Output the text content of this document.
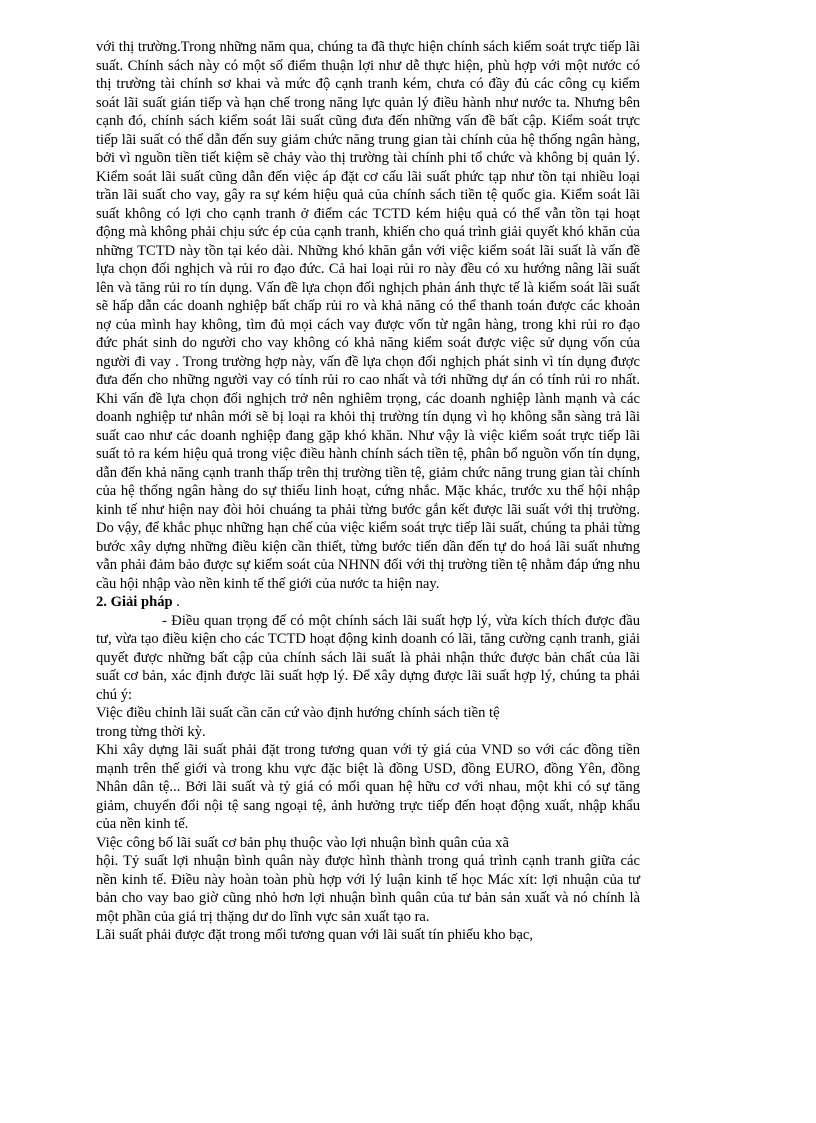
với thị trường.Trong những năm qua, chúng ta đã thực hiện chính sách kiểm soát trực tiếp lãi suất. Chính sách này có một số điểm thuận lợi như dễ thực hiện, phù hợp với một nước có thị trường tài chính sơ khai và mức độ cạnh tranh kém, chưa có đầy đủ các công cụ kiểm soát lãi suất gián tiếp và hạn chế trong năng lực quản lý điều hành như nước ta. Nhưng bên cạnh đó, chính sách kiểm soát lãi suất cũng đưa đến những vấn đề bất cập. Kiểm soát trực tiếp lãi suất có thể dẫn đến suy giảm chức năng trung gian tài chính của hệ thống ngân hàng, bởi vì nguồn tiền tiết kiệm sẽ chảy vào thị trường tài chính phi tổ chức và không bị quản lý. Kiểm soát lãi suất cũng dẫn đến việc áp đặt cơ cấu lãi suất phức tạp như tồn tại nhiều loại trần lãi suất cho vay, gây ra sự kém hiệu quả của chính sách tiền tệ quốc gia. Kiểm soát lãi suất không có lợi cho cạnh tranh ở điểm các TCTD kém hiệu quả có thể vẫn tồn tại hoạt động mà không phải chịu sức ép của cạnh tranh, khiến cho quá trình giải quyết khó khăn của những TCTD này tồn tại kéo dài. Những khó khăn gắn với việc kiểm soát lãi suất là vấn đề lựa chọn đối nghịch và rủi ro đạo đức. Cả hai loại rủi ro này đều có xu hướng nâng lãi suất lên và tăng rủi ro tín dụng. Vấn đề lựa chọn đối nghịch phản ánh thực tế là kiểm soát lãi suất sẽ hấp dẫn các doanh nghiệp bất chấp rủi ro và khả năng có thể thanh toán được các khoản nợ của mình hay không, tìm đủ mọi cách vay được vốn từ ngân hàng, trong khi rủi ro đạo đức phát sinh do người cho vay không có khả năng kiểm soát được việc sử dụng vốn của người đi vay . Trong trường hợp này, vấn đề lựa chọn đối nghịch phát sinh vì tín dụng được đưa đến cho những người vay có tính rủi ro cao nhất và tới những dự án có tính rủi ro nhất. Khi vấn đề lựa chọn đối nghịch trở nên nghiêm trọng, các doanh nghiệp lành mạnh và các doanh nghiệp tư nhân mới sẽ bị loại ra khỏi thị trường tín dụng vì họ không sẵn sàng trả lãi suất cao như các doanh nghiệp đang gặp khó khăn. Như vậy là việc kiểm soát trực tiếp lãi suất tỏ ra kém hiệu quả trong việc điều hành chính sách tiền tệ, phân bổ nguồn vốn tín dụng, dẫn đến khả năng cạnh tranh thấp trên thị trường tiền tệ, giảm chức năng trung gian tài chính của hệ thống ngân hàng do sự thiếu linh hoạt, cứng nhắc. Mặc khác, trước xu thế hội nhập kinh tế như hiện nay đòi hỏi chuáng ta phải từng bước gắn kết được lãi suất với thị trường. Do vậy, để khắc phục những hạn chế của việc kiểm soát trực tiếp lãi suất, chúng ta phải từng bước xây dựng những điều kiện cần thiết, từng bước tiến dần đến tự do hoá lãi suất nhưng vẫn phải đảm bảo được sự kiểm soát của NHNN đối với thị trường tiền tệ nhằm đáp ứng nhu cầu hội nhập vào nền kinh tế thế giới của nước ta hiện nay.

2. Giải pháp .

- Điều quan trọng để có một chính sách lãi suất hợp lý, vừa kích thích được đầu tư, vừa tạo điều kiện cho các TCTD hoạt động kinh doanh có lãi, tăng cường cạnh tranh, giải quyết được những bất cập của chính sách lãi suất là phải nhận thức được bản chất của lãi suất cơ bản, xác định được lãi suất hợp lý. Để xây dựng được lãi suất hợp lý, chúng ta phải chú ý:

Việc điều chỉnh lãi suất cần căn cứ vào định hướng chính sách tiền tệ
trong từng thời kỳ.

Khi xây dựng lãi suất phải đặt trong tương quan với tỷ giá của VND so với các đồng tiền mạnh trên thế giới và trong khu vực đặc biệt là đồng USD, đồng EURO, đồng Yên, đồng Nhân dân tệ... Bởi lãi suất và tỷ giá có mối quan hệ hữu cơ với nhau, một khi có sự tăng giảm, chuyển đổi nội tệ sang ngoại tệ, ảnh hưởng trực tiếp đến hoạt động xuất, nhập khẩu của nền kinh tế.

Việc công bố lãi suất cơ bản phụ thuộc vào lợi nhuận bình quân của xã
hội. Tỷ suất lợi nhuận bình quân này được hình thành trong quá trình cạnh tranh giữa các nền kinh tế. Điều này hoàn toàn phù hợp với lý luận kinh tế học Mác xít: lợi nhuận của tư bản cho vay bao giờ cũng nhỏ hơn lợi nhuận bình quân của tư bản sản xuất và nó chính là một phần của giá trị thặng dư do lĩnh vực sản xuất tạo ra.

Lãi suất phải được đặt trong mối tương quan với lãi suất tín phiếu kho bạc,
